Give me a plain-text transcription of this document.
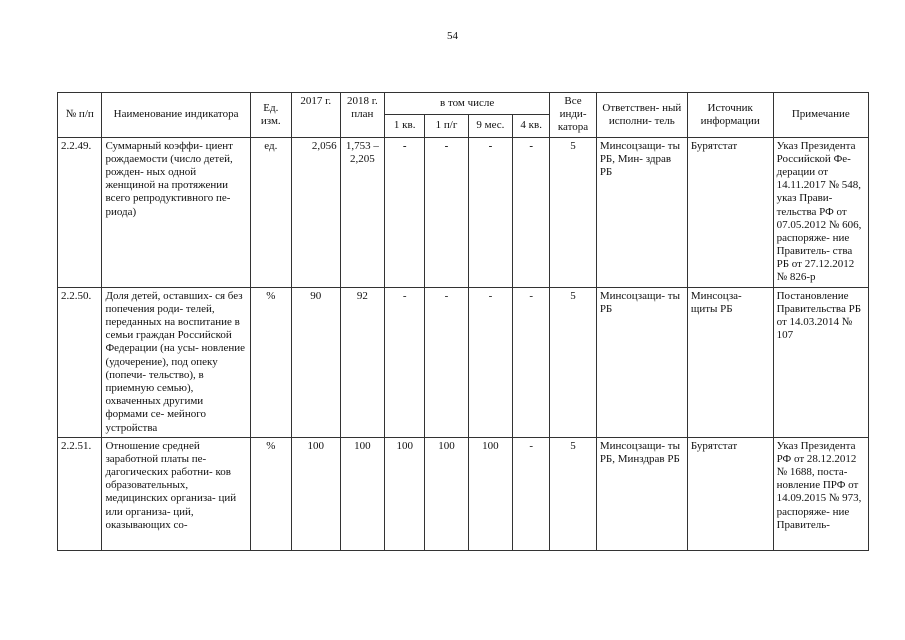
54
№ п/п	Наименование индикатора	Ед. изм.	2017 г.	2018 г. план	в том числе				Все инди- катора	Ответствен- ный исполни- тель	Источник информации	Примечание
					1 кв.	1 п/г	9 мес.	4 кв.				
2.2.49.	Суммарный коэффи- циент рождаемости (число детей, рожден- ных одной женщиной на протяжении всего репродуктивного пе- риода)	ед.	2,056	1,753 – 2,205	-	-	-	-	5	Минсоцзащи- ты РБ, Мин- здрав РБ	Бурятстат	Указ Президента Российской Фе- дерации от 14.11.2017 № 548, указ Прави- тельства РФ от 07.05.2012 № 606, распоряже- ние Правитель- ства РБ от 27.12.2012 № 826-р
2.2.50.	Доля детей, оставших- ся без попечения роди- телей, переданных на воспитание в семьи граждан Российской Федерации (на усы- новление (удочерение), под опеку (попечи- тельство), в приемную семью), охваченных другими формами се- мейного устройства	%	90	92	-	-	-	-	5	Минсоцзащи- ты РБ	Минсоцза- щиты РБ	Постановление Правительства РБ от 14.03.2014 № 107
2.2.51.	Отношение средней заработной платы пе- дагогических работни- ков образовательных, медицинских организа- ций или организа- ций, оказывающих со-	%	100	100	100	100	100	-	5	Минсоцзащи- ты РБ, Минздрав РБ	Бурятстат	Указ Президента РФ от 28.12.2012 № 1688, поста- новление ПРФ от 14.09.2015 № 973, распоряже- ние Правитель-
